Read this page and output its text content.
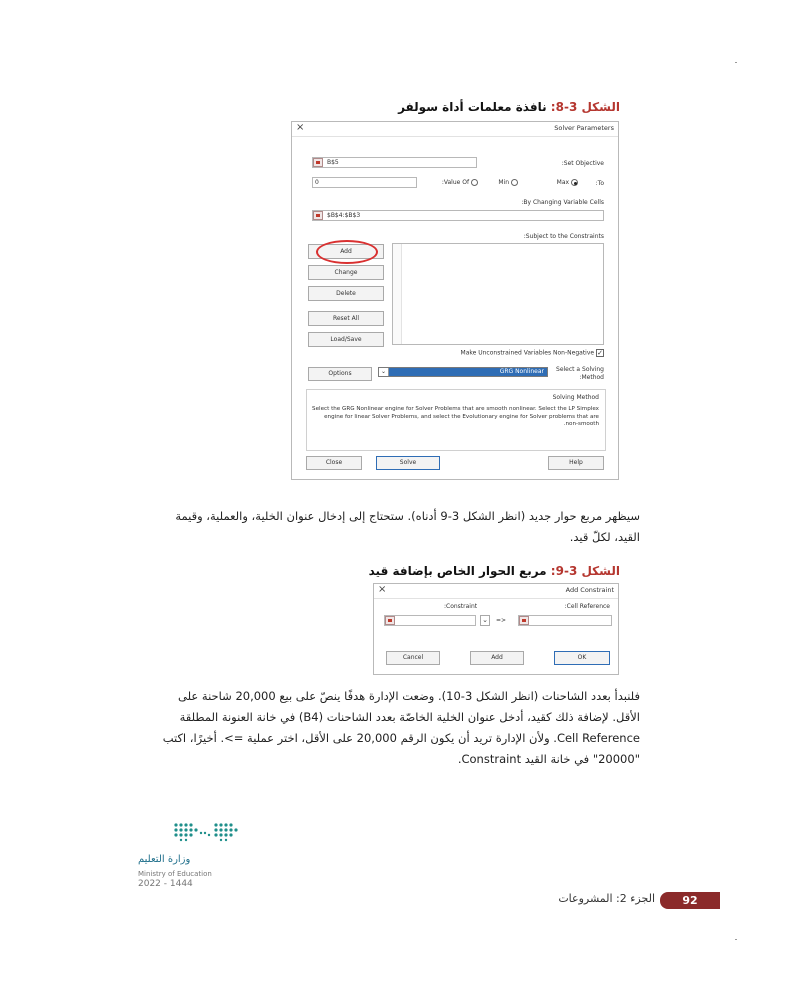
الشكل 3-8: نافذة معلمات أداة سولفر
×	Solver Parameters
:Set Objective
B$5
:To
Max
Min
:Value Of
0
:By Changing Variable Cells
$B$4:$B$3
:Subject to the Constraints
Add
Change
Delete
Reset All
Load/Save
Make Unconstrained Variables Non-Negative ✓
Options	⌄	GRG Nonlinear	Select a Solving
:Method
Solving Method
Select the GRG Nonlinear engine for Solver Problems that are smooth nonlinear. Select the LP Simplex
engine for linear Solver Problems, and select the Evolutionary engine for Solver problems that are
.non-smooth
Close	Solve	Help
سيظهر مربع حوار جديد (انظر الشكل 3-9 أدناه). ستحتاج إلى إدخال عنوان الخلية، والعملية، وقيمة
القيد، لكلّ قيد.
الشكل 3-9: مربع الحوار الخاص بإضافة قيد
×	Add Constraint
:Cell Reference
:Constraint
⌄	=>
Cancel	Add	OK
فلنبدأ بعدد الشاحنات (انظر الشكل 3-10). وضعت الإدارة هدفًا ينصّ على بيع 20,000 شاحنة على
الأقل. لإضافة ذلك كقيد، أدخل عنوان الخلية الخاصّة بعدد الشاحنات (B4) في خانة العنونة المطلقة
Cell Reference. ولأن الإدارة تريد أن يكون الرقم 20,000 على الأقل، اختر عملية =>. أخيرًا، اكتب
"20000" في خانة القيد Constraint.
وزارة التعليم
Ministry of Education
2022 - 1444
الجزء 2: المشروعات	92
